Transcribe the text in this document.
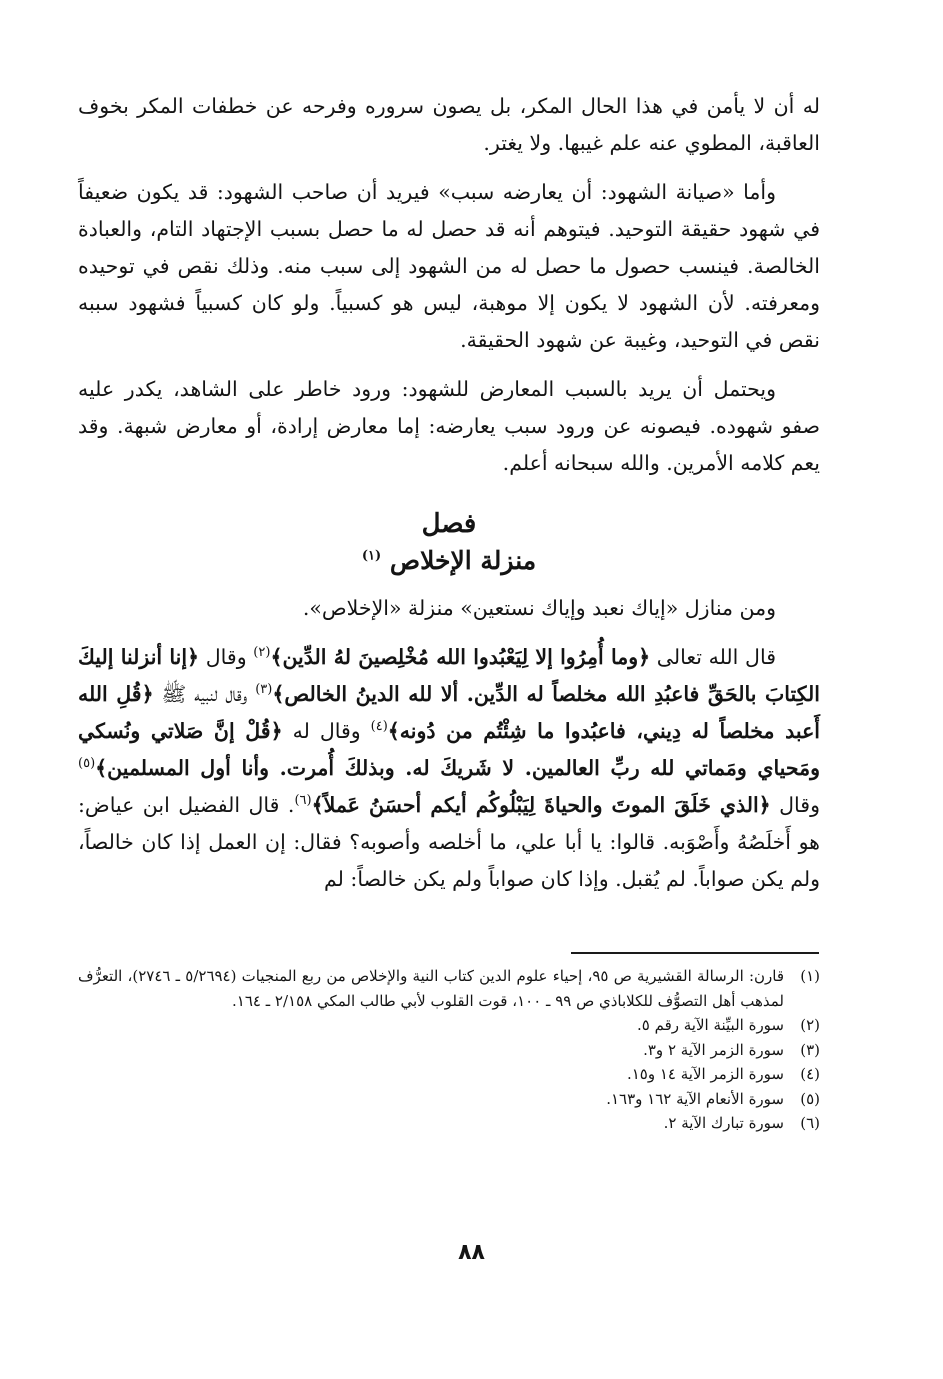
له أن لا يأمن في هذا الحال المكر، بل يصون سروره وفرحه عن خطفات المكر بخوف العاقبة، المطوي عنه علم غيبها. ولا يغتر.

وأما «صيانة الشهود: أن يعارضه سبب» فيريد أن صاحب الشهود: قد يكون ضعيفاً في شهود حقيقة التوحيد. فيتوهم أنه قد حصل له ما حصل بسبب الإجتهاد التام، والعبادة الخالصة. فينسب حصول ما حصل له من الشهود إلى سبب منه. وذلك نقص في توحيده ومعرفته. لأن الشهود لا يكون إلا موهبة، ليس هو كسبياً. ولو كان كسبياً فشهود سببه نقص في التوحيد، وغيبة عن شهود الحقيقة.

ويحتمل أن يريد بالسبب المعارض للشهود: ورود خاطر على الشاهد، يكدر عليه صفو شهوده. فيصونه عن ورود سبب يعارضه: إما معارض إرادة، أو معارض شبهة. وقد يعم كلامه الأمرين. والله سبحانه أعلم.

فصل
منزلة الإخلاص $^{(١)}$

ومن منازل «إياك نعبد وإياك نستعين» منزلة «الإخلاص».

قال الله تعالى ﴿وما أُمِرُوا إلا لِيَعْبُدوا الله مُخْلِصينَ لهُ الدِّين﴾$^{(٢)}$ وقال ﴿إنا أنزلنا إليكَ الكِتابَ بالحَقِّ فاعبُدِ الله مخلصاً له الدِّين. ألا لله الدينُ الخالص﴾$^{(٣)}$ وقال لنبيه ﷺ ﴿قُلِ الله أَعبد مخلصاً له دِيني، فاعبُدوا ما شِئْتُم من دُونه﴾$^{(٤)}$ وقال له ﴿قُلْ إنَّ صَلاتي ونُسكي ومَحياي ومَماتي لله ربِّ العالمين. لا شَريكَ له. وبذلكَ أُمرت. وأنا أول المسلمين﴾$^{(٥)}$ وقال ﴿الذي خَلَقَ الموتَ والحياةَ لِيَبْلُوكُم أيكم أحسَنُ عَملاً﴾$^{(٦)}$. قال الفضيل ابن عياض: هو أَخلَصُهُ وأَصْوَبه. قالوا: يا أبا علي، ما أخلصه وأصوبه؟ فقال: إن العمل إذا كان خالصاً، ولم يكن صواباً. لم يُقبل. وإذا كان صواباً ولم يكن خالصاً: لم

(١)
قارن: الرسالة القشيرية ص ٩٥، إحياء علوم الدين كتاب النية والإخلاص من ربع المنجيات (٥/٢٦٩٤ ـ ٢٧٤٦)، التعرُّف لمذهب أهل التصوُّف للكلاباذي ص ٩٩ ـ ١٠٠، قوت القلوب لأبي طالب المكي ٢/١٥٨ ـ ١٦٤.
(٢)
سورة البيِّنة الآية رقم ٥.
(٣)
سورة الزمر الآية ٢ و٣.
(٤)
سورة الزمر الآية ١٤ و١٥.
(٥)
سورة الأنعام الآية ١٦٢ و١٦٣.
(٦)
سورة تبارك الآية ٢.
٨٨
